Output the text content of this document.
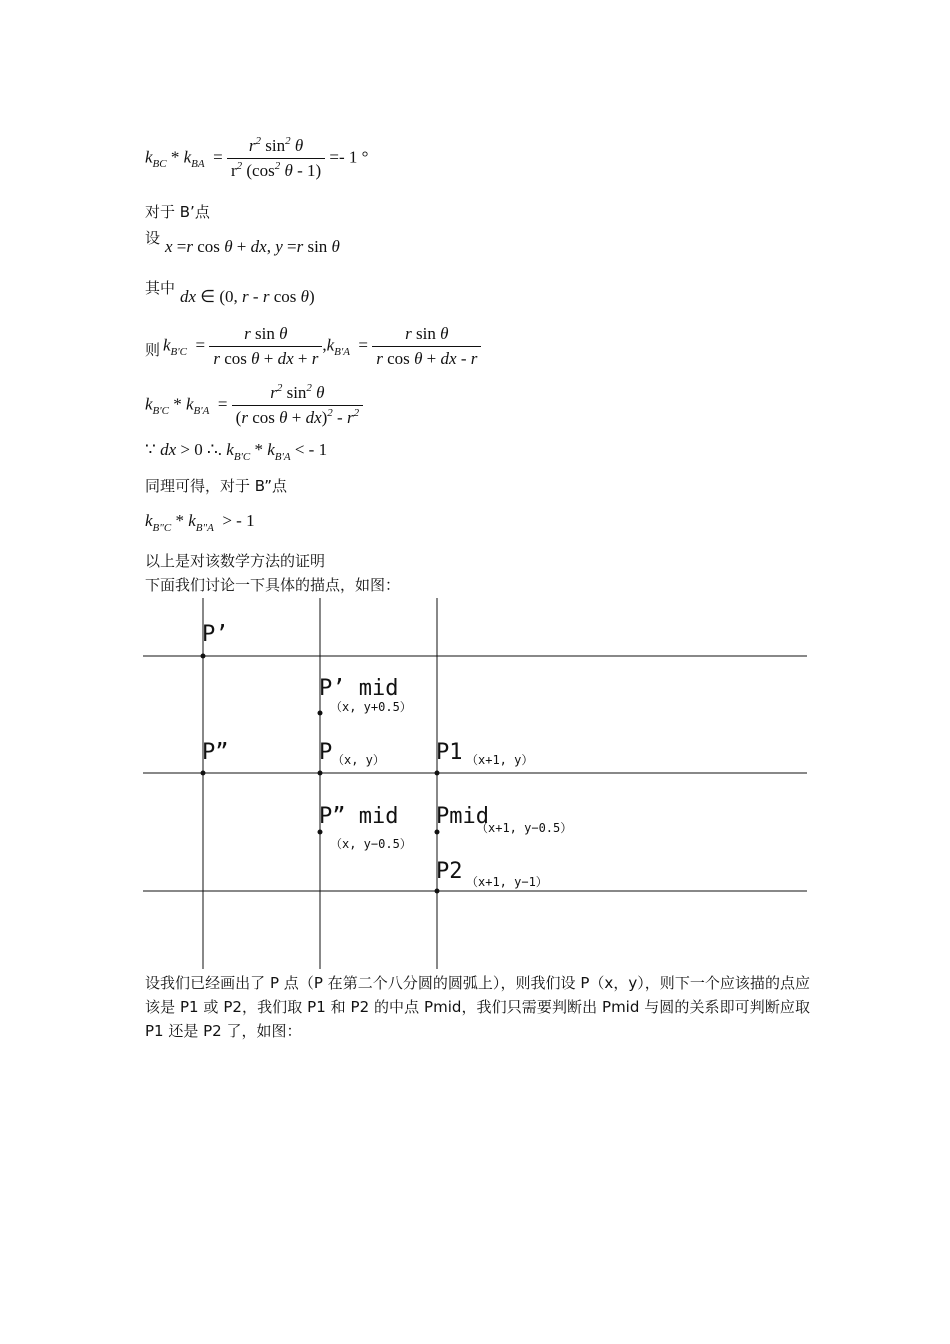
$k_{BC} * k_{BA} = \frac{r^2 \sin^2 \theta}{r^2 (\cos^2 \theta - 1)} =- 1$ °
对于 B’点
设 x =r cos θ + dx, y =r sin θ
其中 dx ∈ (0, r - r cos θ)
则 $k_{B'C} = \frac{\text{r sin θ}}{\text{r cos θ + dx + r}} ,k_{B'A} = \frac{\text{r sin θ}}{\text{r cos θ + dx - r}}$
$k_{B'C} * k_{B'A} = \frac{r^2 \sin^2 \theta}{(r \cos \theta + dx)^2 - r^2}$
∵ dx > 0 ∴. $k_{B'C} * k_{B'A}$ < - 1
同理可得，对于 B”点
$k_{B"C} * k_{B"A}$  > - 1
以上是对该数学方法的证明
下面我们讨论一下具体的描点，如图：
P’
P”
P’ mid
（x, y+0.5）
P （x, y） P1 （x+1, y）
P” mid
（x, y−0.5）
Pmid
（x+1, y−0.5）
P2 （x+1, y−1）
设我们已经画出了 P 点（P 在第二个八分圆的圆弧上），则我们设 P（x，y），则下一个应该描的点应该是 P1 或 P2，我们取 P1 和 P2 的中点 Pmid，我们只需要判断出 Pmid 与圆的关系即可判断应取 P1 还是 P2 了，如图：
